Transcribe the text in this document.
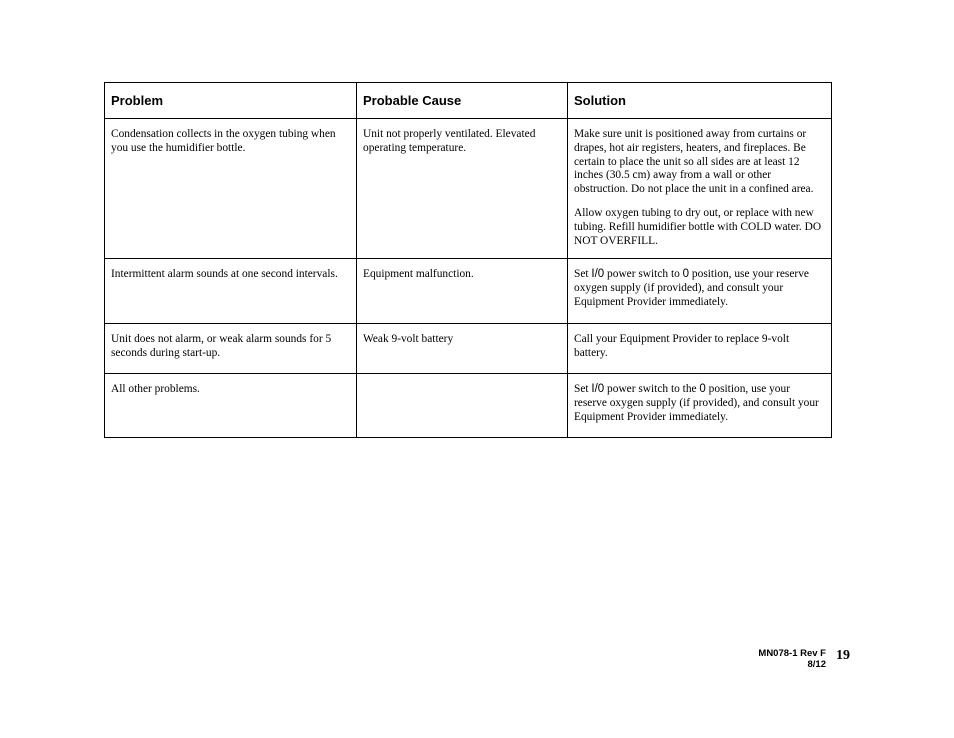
Problem	Probable Cause	Solution
Condensation collects in the oxygen tubing when you use the humidifier bottle.	Unit not properly ventilated. Elevated operating temperature.	Make sure unit is positioned away from curtains or drapes, hot air registers, heaters, and fireplaces. Be certain to place the unit so all sides are at least 12 inches (30.5 cm) away from a wall or other obstruction. Do not place the unit in a confined area.

Allow oxygen tubing to dry out, or replace with new tubing. Refill humidifier bottle with COLD water. DO NOT OVERFILL.

Intermittent alarm sounds at one second intervals.	Equipment malfunction.	Set I/0 power switch to 0 position, use your reserve oxygen supply (if provided), and consult your Equipment Provider immediately.
Unit does not alarm, or weak alarm sounds for 5 seconds during start-up.	Weak 9-volt battery	Call your Equipment Provider to replace 9-volt battery.
All other problems.		Set I/0 power switch to the 0 position, use your reserve oxygen supply (if provided), and consult your Equipment Provider immediately.
MN078-1 Rev F
8/12
19
